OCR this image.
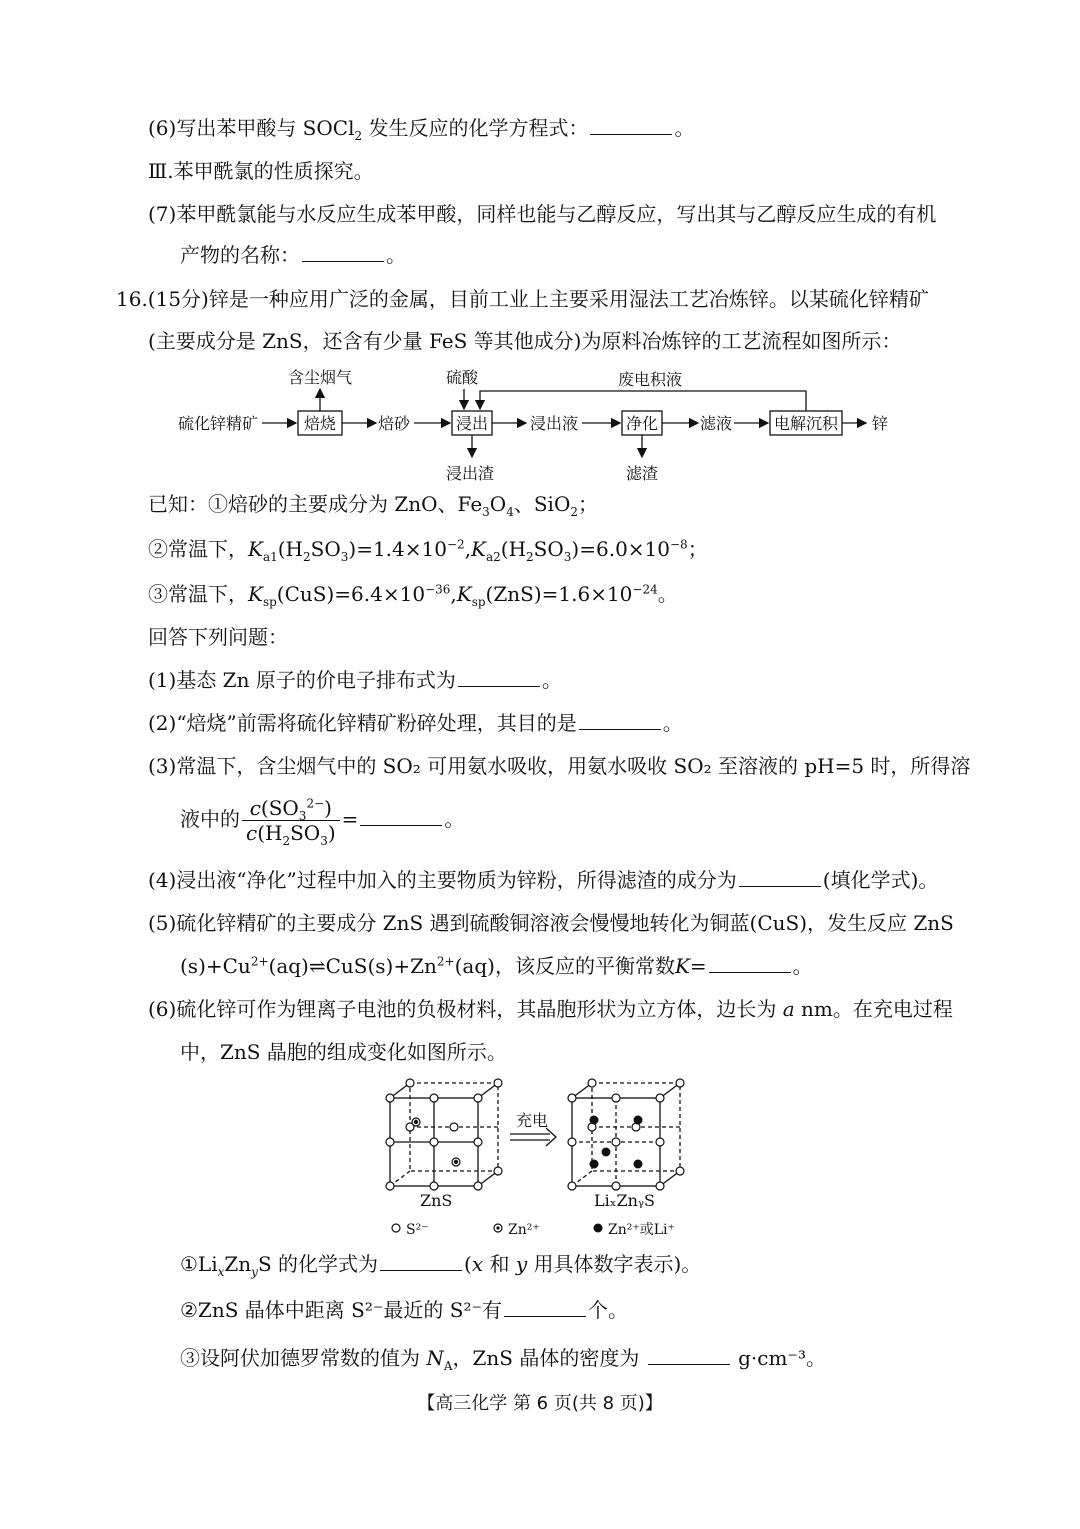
(6)写出苯甲酸与 SOCl$_2$ 发生反应的化学方程式：	。
Ⅲ.苯甲酰氯的性质探究。
(7)苯甲酰氯能与水反应生成苯甲酸，同样也能与乙醇反应，写出其与乙醇反应生成的有机
产物的名称：	。
16.(15分)锌是一种应用广泛的金属，目前工业上主要采用湿法工艺冶炼锌。以某硫化锌精矿
(主要成分是 ZnS，还含有少量 FeS 等其他成分)为原料冶炼锌的工艺流程如图所示：
含尘烟气	硫酸	废电积液
硫化锌精矿	焙烧	焙砂	浸出	浸出液	净化	滤液	电解沉积 锌
浸出渣	滤渣
已知：①焙砂的主要成分为 ZnO、$Fe_3O_4$、SiO$_2$；
②常温下，$K_{a1}(H_2SO_3)=1.4\times 10^{-2},K_{a2}(H_2SO_3)=6.0\times 10^{-8}$；
③常温下，$K_{sp}(CuS)=6.4\times 10^{-36},K_{sp}(ZnS)=1.6\times 10^{-24}$。
回答下列问题：
(1)基态 Zn 原子的价电子排布式为	。
(2)“焙烧”前需将硫化锌精矿粉碎处理，其目的是	。
(3)常温下，含尘烟气中的 SO₂ 可用氨水吸收，用氨水吸收 SO₂ 至溶液的 pH=5 时，所得溶
液中的 $\frac{c(SO_3^{2-})}{c(H_2SO_3)}$ =	。
(4)浸出液“净化”过程中加入的主要物质为锌粉，所得滤渣的成分为	(填化学式)。
(5)硫化锌精矿的主要成分 ZnS 遇到硫酸铜溶液会慢慢地转化为铜蓝(CuS)，发生反应 ZnS
$(s)+Cu^{2+}(aq)\rightleftharpoons CuS(s)+Zn^{2+}(aq)$，该反应的平衡常数K=	。
(6)硫化锌可作为锂离子电池的负极材料，其晶胞形状为立方体，边长为 a nm。在充电过程
中，ZnS 晶胞的组成变化如图所示。
ZnS
充电
LiₓZnᵧS
S²⁻	Zn²⁺	Zn²⁺或Li⁺
$①Li_xZn_yS$ 的化学式为	(x 和 y 用具体数字表示)。
②ZnS 晶体中距离 S²⁻最近的 S²⁻有	个。
③设阿伏加德罗常数的值为 $N_A$，ZnS 晶体的密度为	g·cm⁻³。
【高三化学 第 6 页(共 8 页)】
